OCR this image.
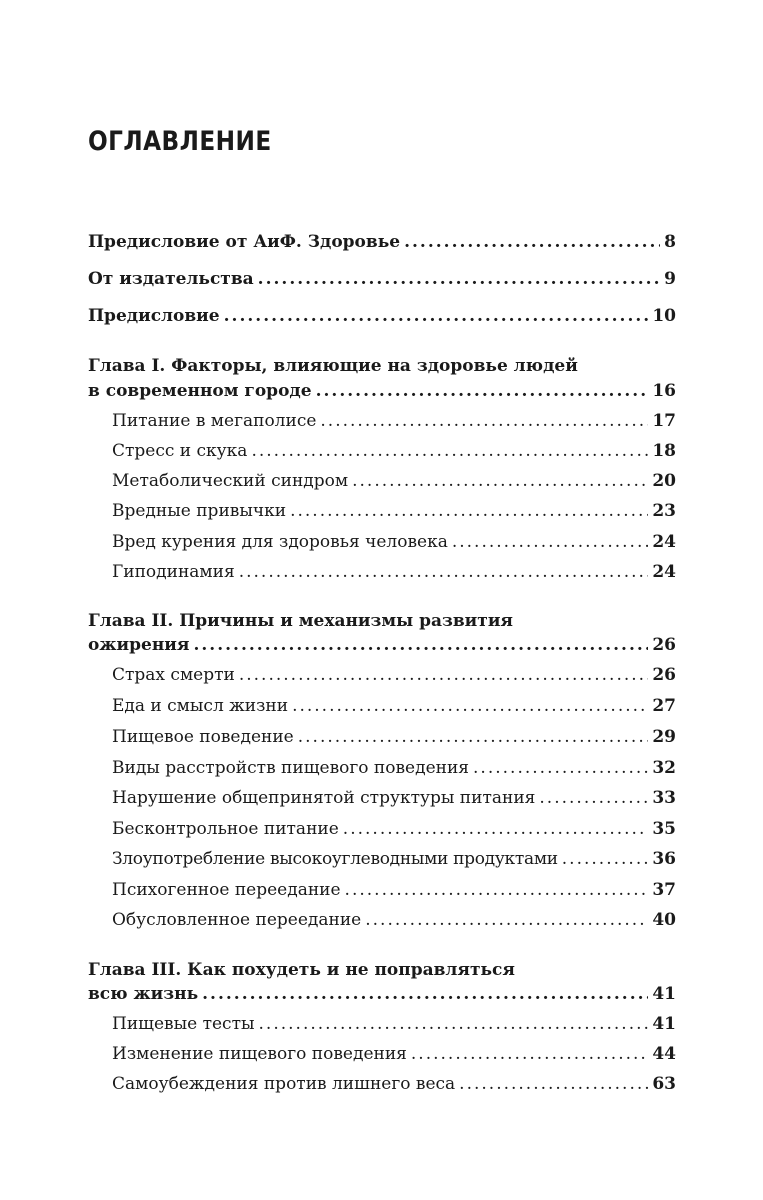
ОГЛАВЛЕНИЕ
Предисловие от АиФ. Здоровье .....	8
От издательства .....	9
Предисловие .....	10
Глава I. Факторы, влияющие на здоровье людей
в современном городе .....	16
Питание в мегаполисе .....	17
Стресс и скука .....	18
Метаболический синдром .....	20
Вредные привычки .....	23
Вред курения для здоровья человека .....	24
Гиподинамия .....	24
Глава II. Причины и механизмы развития
ожирения .....	26
Страх смерти .....	26
Еда и смысл жизни .....	27
Пищевое поведение .....	29
Виды расстройств пищевого поведения .....	32
Нарушение общепринятой структуры питания .....	33
Бесконтрольное питание .....	35
Злоупотребление высокоуглеводными продуктами .....	36
Психогенное переедание .....	37
Обусловленное переедание .....	40
Глава III. Как похудеть и не поправляться
всю жизнь .....	41
Пищевые тесты .....	41
Изменение пищевого поведения .....	44
Самоубеждения против лишнего веса .....	63
